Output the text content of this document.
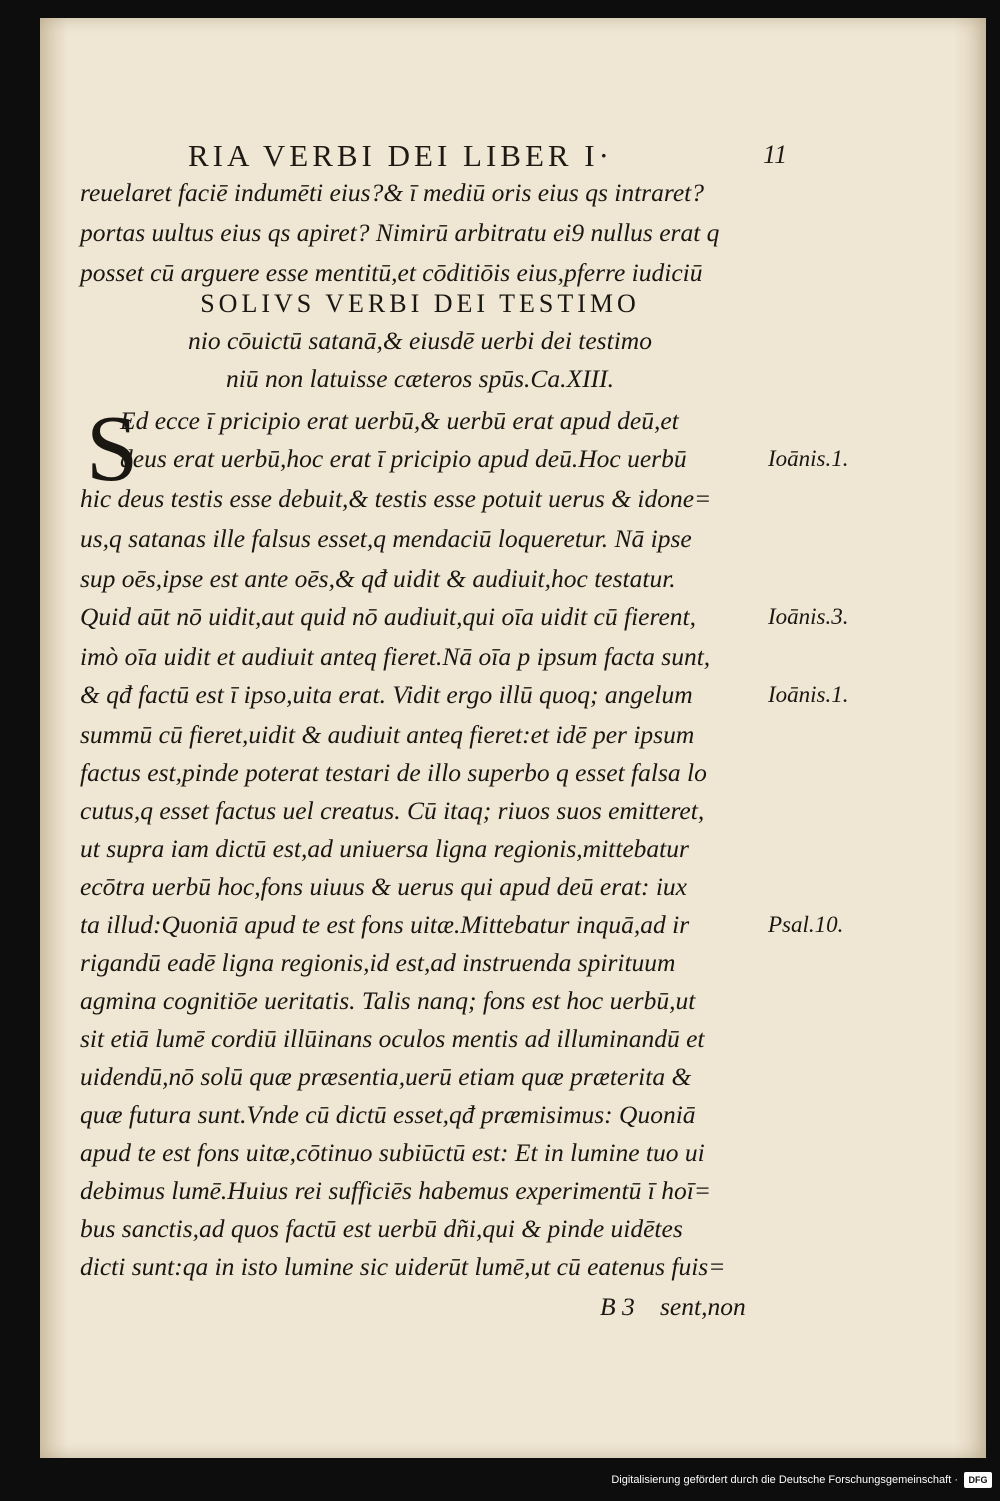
RIA VERBI DEI LIBER I·	11
reuelaret faciē indumēti eius?& ī mediū oris eius qs intraret?
portas uultus eius qs apiret? Nimirū arbitratu ei9 nullus erat q
posset cū arguere esse mentitū,et cōditiōis eius,pferre iudiciū
SOLIVS VERBI DEI TESTIMO
nio cōuictū satanā,& eiusdē uerbi dei testimo
niū non latuisse cæteros spūs.Ca.XIII.
S
Ed ecce ī pricipio erat uerbū,& uerbū erat apud deū,et
deus erat uerbū,hoc erat ī pricipio apud deū.Hoc uerbū
hic deus testis esse debuit,& testis esse potuit uerus & idone=
us,q satanas ille falsus esset,q mendaciū loqueretur. Nā ipse
sup oēs,ipse est ante oēs,& qđ uidit & audiuit,hoc testatur.
Quid aūt nō uidit,aut quid nō audiuit,qui oīa uidit cū fierent,
imò oīa uidit et audiuit anteq fieret.Nā oīa p ipsum facta sunt,
& qđ factū est ī ipso,uita erat. Vidit ergo illū quoq; angelum
summū cū fieret,uidit & audiuit anteq fieret:et idē per ipsum
factus est,pinde poterat testari de illo superbo q esset falsa lo
cutus,q esset factus uel creatus. Cū itaq; riuos suos emitteret,
ut supra iam dictū est,ad uniuersa ligna regionis,mittebatur
ecōtra uerbū hoc,fons uiuus & uerus qui apud deū erat: iux
ta illud:Quoniā apud te est fons uitæ.Mittebatur inquā,ad ir
rigandū eadē ligna regionis,id est,ad instruenda spirituum
agmina cognitiōe ueritatis. Talis nanq; fons est hoc uerbū,ut
sit etiā lumē cordiū illūinans oculos mentis ad illuminandū et
uidendū,nō solū quæ præsentia,uerū etiam quæ præterita &
quæ futura sunt.Vnde cū dictū esset,qđ præmisimus: Quoniā
apud te est fons uitæ,cōtinuo subiūctū est: Et in lumine tuo ui
debimus lumē.Huius rei sufficiēs habemus experimentū ī hoī=
bus sanctis,ad quos factū est uerbū dñi,qui & pinde uidētes
dicti sunt:qa in isto lumine sic uiderūt lumē,ut cū eatenus fuis=
Ioānis.1.
Ioānis.3.
Ioānis.1.
Psal.10.
B 3 sent,non
Digitalisierung gefördert durch die Deutsche Forschungsgemeinschaft ·	DFG
